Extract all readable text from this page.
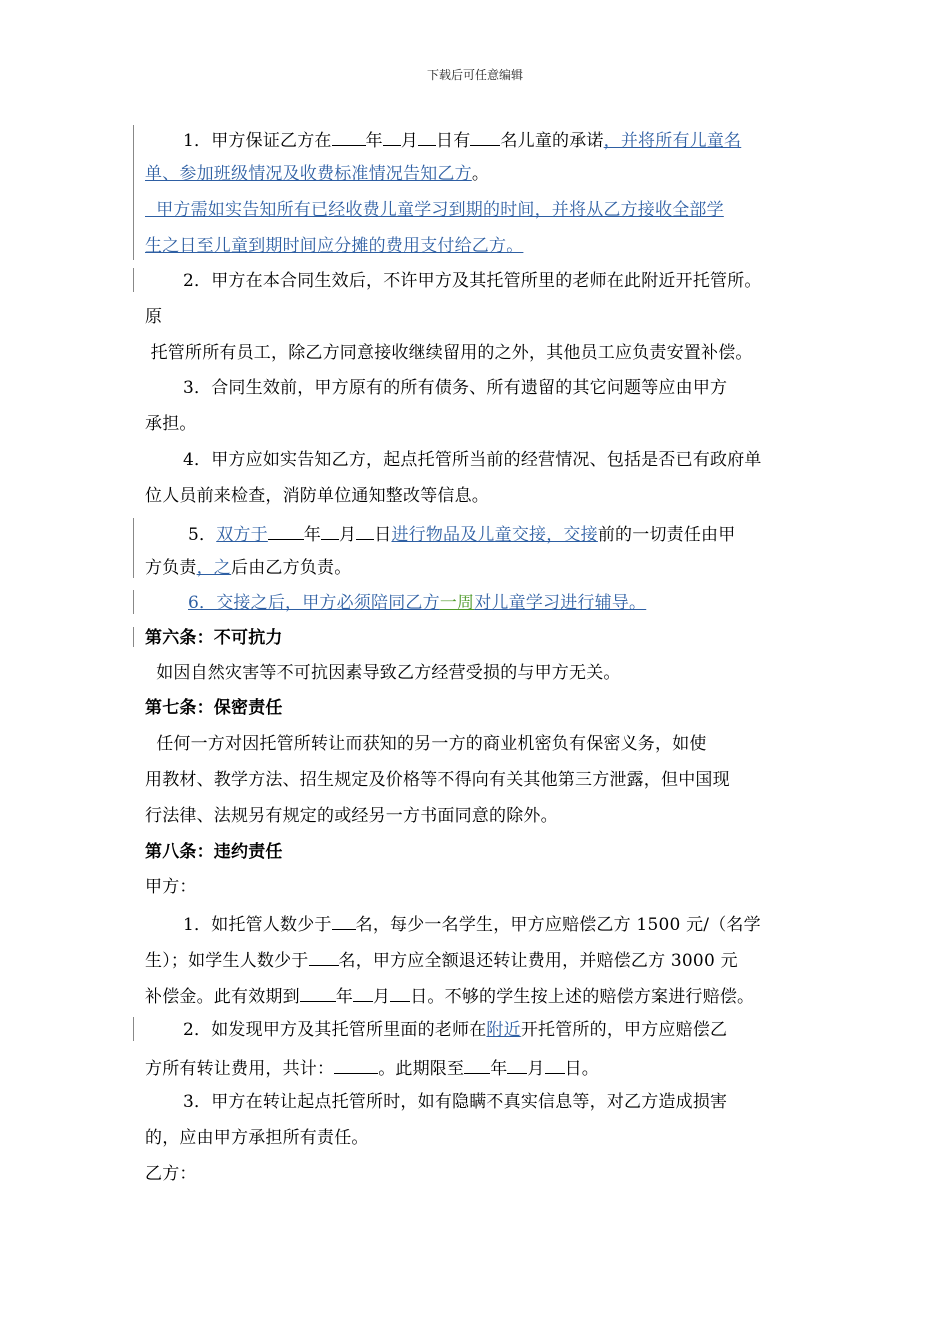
下载后可任意编辑
1．甲方保证乙方在 年 月 日有 名儿童的承诺，并将所有儿童名
单、参加班级情况及收费标准情况告知乙方。
甲方需如实告知所有已经收费儿童学习到期的时间，并将从乙方接收全部学
生之日至儿童到期时间应分摊的费用支付给乙方。
2．甲方在本合同生效后，不许甲方及其托管所里的老师在此附近开托管所。
原
托管所所有员工，除乙方同意接收继续留用的之外，其他员工应负责安置补偿。
3．合同生效前，甲方原有的所有债务、所有遗留的其它问题等应由甲方
承担。
4．甲方应如实告知乙方，起点托管所当前的经营情况、包括是否已有政府单
位人员前来检查，消防单位通知整改等信息。
5．双方于 年 月 日进行物品及儿童交接，交接前的一切责任由甲
方负责，之后由乙方负责。
6．交接之后，甲方必须陪同乙方一周对儿童学习进行辅导。
第六条：不可抗力
如因自然灾害等不可抗因素导致乙方经营受损的与甲方无关。
第七条：保密责任
任何一方对因托管所转让而获知的另一方的商业机密负有保密义务，如使
用教材、教学方法、招生规定及价格等不得向有关其他第三方泄露，但中国现
行法律、法规另有规定的或经另一方书面同意的除外。
第八条：违约责任
甲方：
1．如托管人数少于 名，每少一名学生，甲方应赔偿乙方 1500 元/（名学
生）；如学生人数少于 名，甲方应全额退还转让费用，并赔偿乙方 3000 元
补偿金。此有效期到 年 月 日。不够的学生按上述的赔偿方案进行赔偿。
2．如发现甲方及其托管所里面的老师在附近开托管所的，甲方应赔偿乙
方所有转让费用，共计：	。此期限至 年 月 日。
3．甲方在转让起点托管所时，如有隐瞒不真实信息等，对乙方造成损害
的，应由甲方承担所有责任。
乙方：
